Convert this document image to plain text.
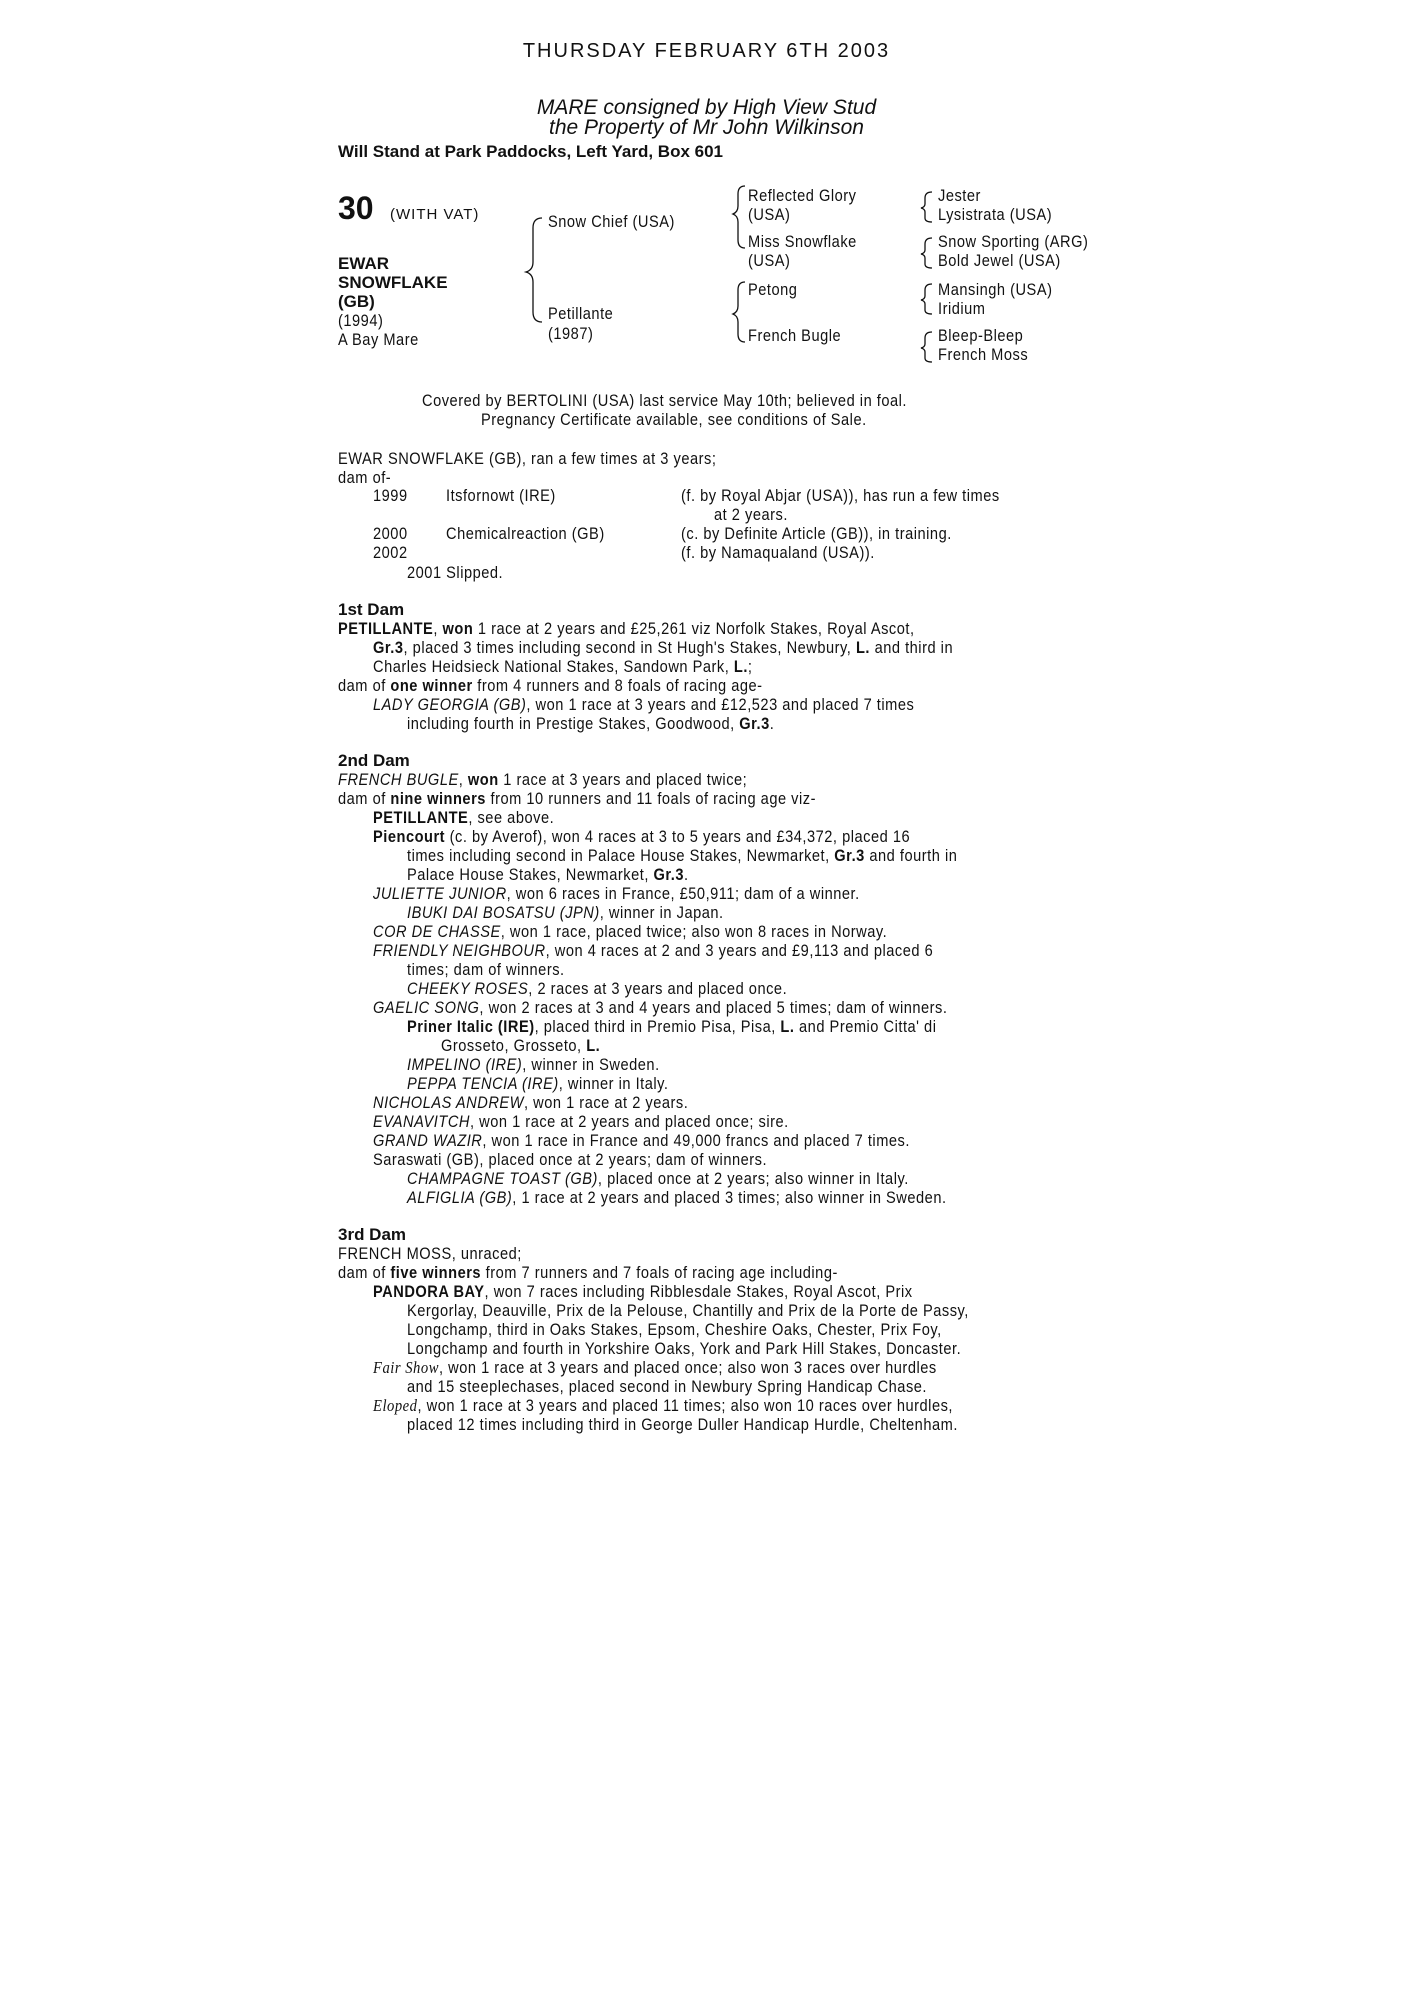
THURSDAY FEBRUARY 6TH 2003
MARE consigned by High View Stud
the Property of Mr John Wilkinson
Will Stand at Park Paddocks, Left Yard, Box 601
30 (WITH VAT)
EWAR
SNOWFLAKE
(GB)
(1994)
A Bay Mare
Snow Chief (USA)
Petillante
(1987)
Reflected Glory
(USA)
Miss Snowflake
(USA)
Petong
French Bugle
Jester
Lysistrata (USA)
Snow Sporting (ARG)
Bold Jewel (USA)
Mansingh (USA)
Iridium
Bleep-Bleep
French Moss
Covered by BERTOLINI (USA) last service May 10th; believed in foal.
Pregnancy Certificate available, see conditions of Sale.
EWAR SNOWFLAKE (GB), ran a few times at 3 years;
dam of-
1999 Itsfornowt (IRE)	(f. by Royal Abjar (USA)), has run a few times
at 2 years.
2000 Chemicalreaction (GB)	(c. by Definite Article (GB)), in training.
2002	(f. by Namaqualand (USA)).
2001 Slipped.
1st Dam
PETILLANTE, won 1 race at 2 years and £25,261 viz Norfolk Stakes, Royal Ascot,
Gr.3, placed 3 times including second in St Hugh's Stakes, Newbury, L. and third in
Charles Heidsieck National Stakes, Sandown Park, L.;
dam of one winner from 4 runners and 8 foals of racing age-
LADY GEORGIA (GB), won 1 race at 3 years and £12,523 and placed 7 times
including fourth in Prestige Stakes, Goodwood, Gr.3.
2nd Dam
FRENCH BUGLE, won 1 race at 3 years and placed twice;
dam of nine winners from 10 runners and 11 foals of racing age viz-
PETILLANTE, see above.
Piencourt (c. by Averof), won 4 races at 3 to 5 years and £34,372, placed 16
times including second in Palace House Stakes, Newmarket, Gr.3 and fourth in
Palace House Stakes, Newmarket, Gr.3.
JULIETTE JUNIOR, won 6 races in France, £50,911; dam of a winner.
IBUKI DAI BOSATSU (JPN), winner in Japan.
COR DE CHASSE, won 1 race, placed twice; also won 8 races in Norway.
FRIENDLY NEIGHBOUR, won 4 races at 2 and 3 years and £9,113 and placed 6
times; dam of winners.
CHEEKY ROSES, 2 races at 3 years and placed once.
GAELIC SONG, won 2 races at 3 and 4 years and placed 5 times; dam of winners.
Priner Italic (IRE), placed third in Premio Pisa, Pisa, L. and Premio Citta' di
Grosseto, Grosseto, L.
IMPELINO (IRE), winner in Sweden.
PEPPA TENCIA (IRE), winner in Italy.
NICHOLAS ANDREW, won 1 race at 2 years.
EVANAVITCH, won 1 race at 2 years and placed once; sire.
GRAND WAZIR, won 1 race in France and 49,000 francs and placed 7 times.
Saraswati (GB), placed once at 2 years; dam of winners.
CHAMPAGNE TOAST (GB), placed once at 2 years; also winner in Italy.
ALFIGLIA (GB), 1 race at 2 years and placed 3 times; also winner in Sweden.
3rd Dam
FRENCH MOSS, unraced;
dam of five winners from 7 runners and 7 foals of racing age including-
PANDORA BAY, won 7 races including Ribblesdale Stakes, Royal Ascot, Prix
Kergorlay, Deauville, Prix de la Pelouse, Chantilly and Prix de la Porte de Passy,
Longchamp, third in Oaks Stakes, Epsom, Cheshire Oaks, Chester, Prix Foy,
Longchamp and fourth in Yorkshire Oaks, York and Park Hill Stakes, Doncaster.
Fair Show, won 1 race at 3 years and placed once; also won 3 races over hurdles
and 15 steeplechases, placed second in Newbury Spring Handicap Chase.
Eloped, won 1 race at 3 years and placed 11 times; also won 10 races over hurdles,
placed 12 times including third in George Duller Handicap Hurdle, Cheltenham.
